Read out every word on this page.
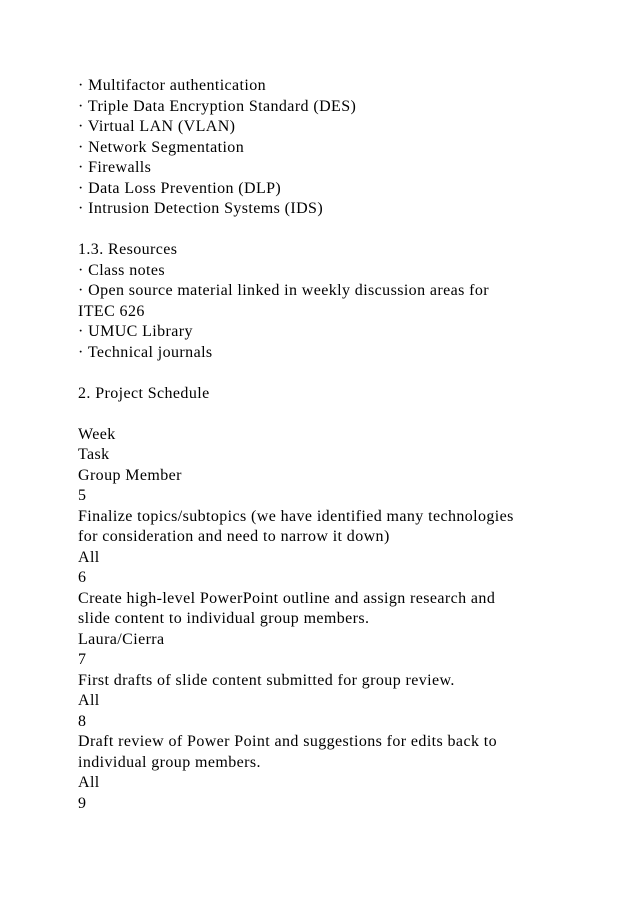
· Multifactor authentication
· Triple Data Encryption Standard (DES)
· Virtual LAN (VLAN)
· Network Segmentation
· Firewalls
· Data Loss Prevention (DLP)
· Intrusion Detection Systems (IDS)
1.3. Resources
· Class notes
· Open source material linked in weekly discussion areas for
ITEC 626
· UMUC Library
· Technical journals
2. Project Schedule
Week
Task
Group Member
5
Finalize topics/subtopics (we have identified many technologies
for consideration and need to narrow it down)
All
6
Create high-level PowerPoint outline and assign research and
slide content to individual group members.
Laura/Cierra
7
First drafts of slide content submitted for group review.
All
8
Draft review of Power Point and suggestions for edits back to
individual group members.
All
9
